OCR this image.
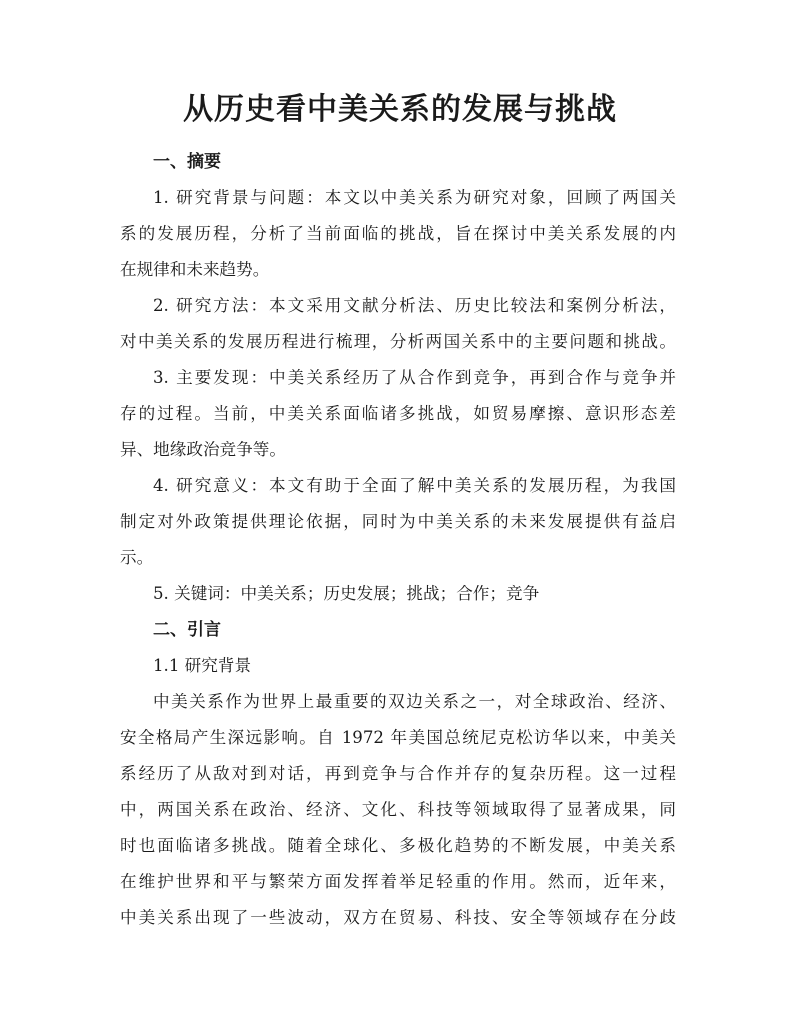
从历史看中美关系的发展与挑战
一、摘要
1. 研究背景与问题：本文以中美关系为研究对象，回顾了两国关
系的发展历程，分析了当前面临的挑战，旨在探讨中美关系发展的内
在规律和未来趋势。
2. 研究方法：本文采用文献分析法、历史比较法和案例分析法，
对中美关系的发展历程进行梳理，分析两国关系中的主要问题和挑战。
3. 主要发现：中美关系经历了从合作到竞争，再到合作与竞争并
存的过程。当前，中美关系面临诸多挑战，如贸易摩擦、意识形态差
异、地缘政治竞争等。
4. 研究意义：本文有助于全面了解中美关系的发展历程，为我国
制定对外政策提供理论依据，同时为中美关系的未来发展提供有益启
示。
5. 关键词：中美关系；历史发展；挑战；合作；竞争
二、引言
1.1 研究背景
中美关系作为世界上最重要的双边关系之一，对全球政治、经济、
安全格局产生深远影响。自 1972 年美国总统尼克松访华以来，中美关
系经历了从敌对到对话，再到竞争与合作并存的复杂历程。这一过程
中，两国关系在政治、经济、文化、科技等领域取得了显著成果，同
时也面临诸多挑战。随着全球化、多极化趋势的不断发展，中美关系
在维护世界和平与繁荣方面发挥着举足轻重的作用。然而，近年来，
中美关系出现了一些波动，双方在贸易、科技、安全等领域存在分歧
